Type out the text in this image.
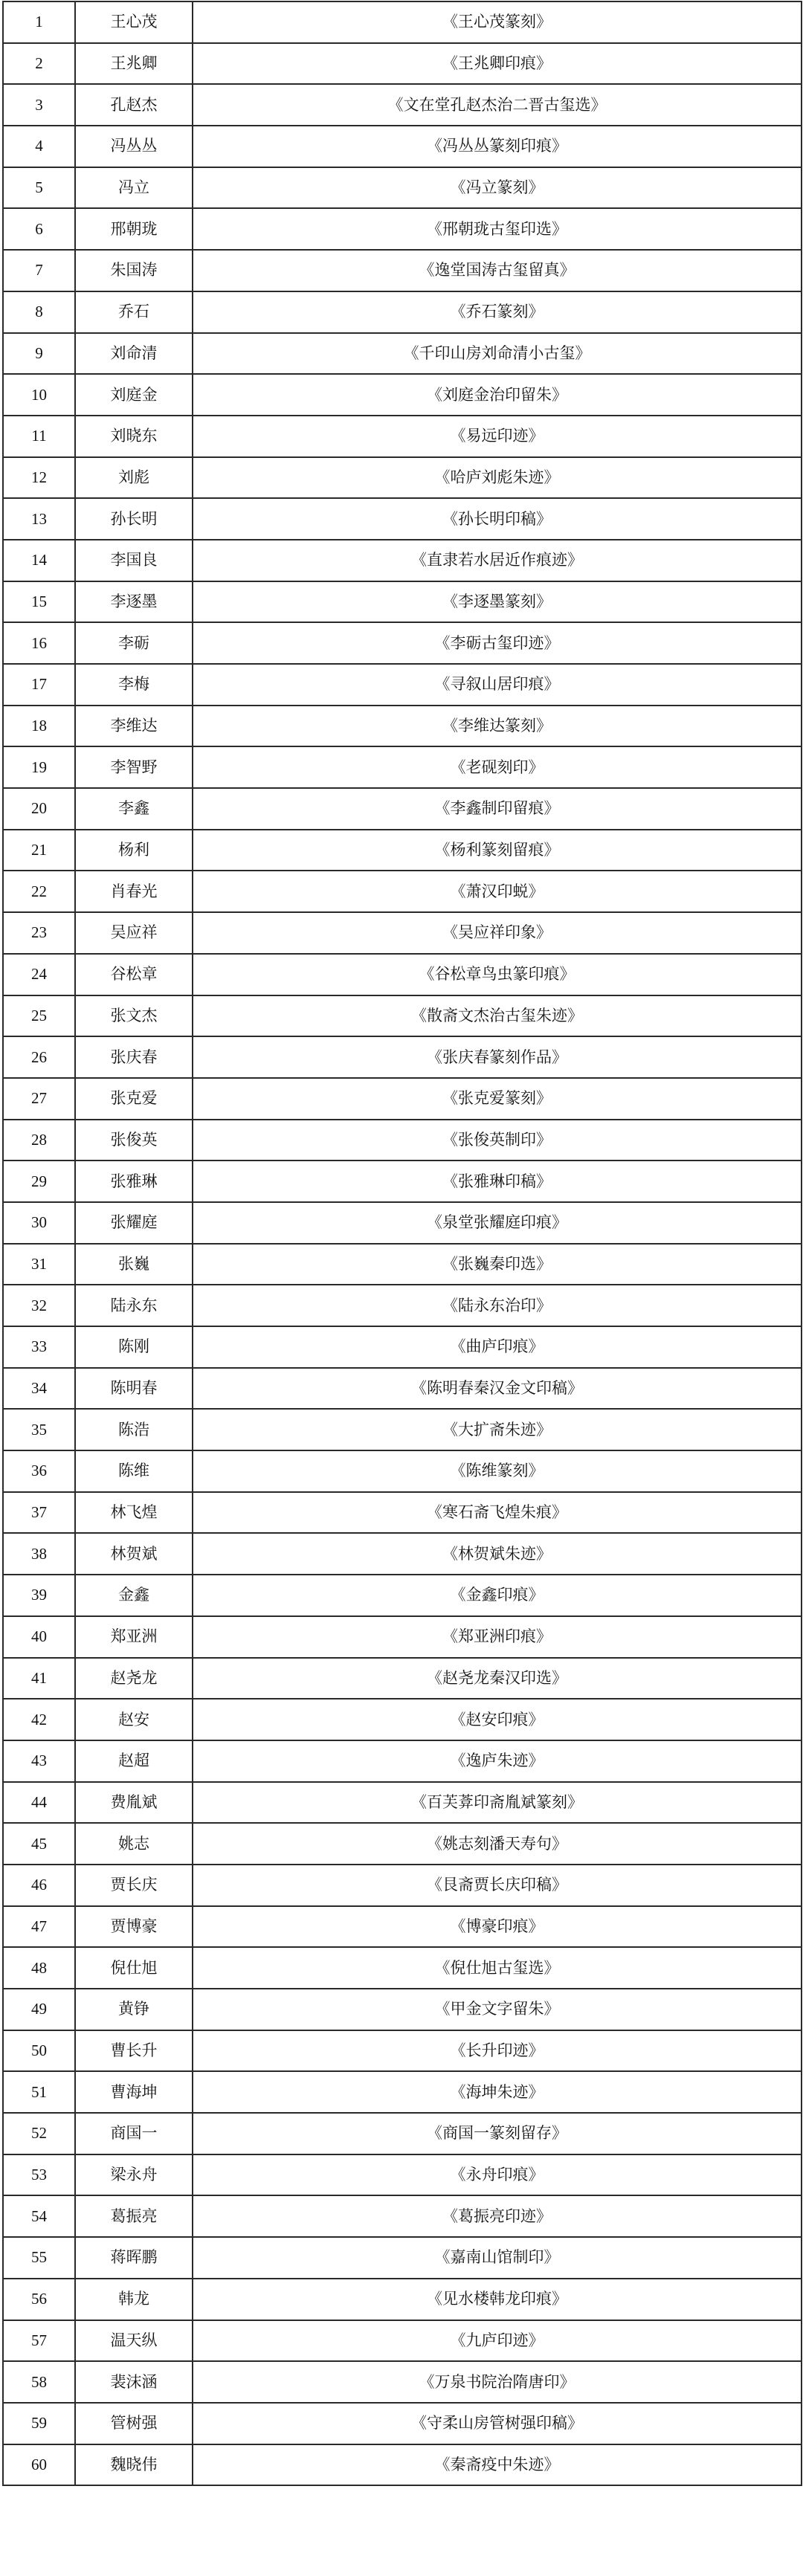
1	王心茂	《王心茂篆刻》
2	王兆卿	《王兆卿印痕》
3	孔赵杰	《文在堂孔赵杰治二晋古玺选》
4	冯丛丛	《冯丛丛篆刻印痕》
5	冯立	《冯立篆刻》
6	邢朝珑	《邢朝珑古玺印选》
7	朱国涛	《逸堂国涛古玺留真》
8	乔石	《乔石篆刻》
9	刘命清	《千印山房刘命清小古玺》
10	刘庭金	《刘庭金治印留朱》
11	刘晓东	《易远印迹》
12	刘彪	《哈庐刘彪朱迹》
13	孙长明	《孙长明印稿》
14	李国良	《直隶若水居近作痕迹》
15	李逐墨	《李逐墨篆刻》
16	李砺	《李砺古玺印迹》
17	李梅	《寻叙山居印痕》
18	李维达	《李维达篆刻》
19	李智野	《老砚刻印》
20	李鑫	《李鑫制印留痕》
21	杨利	《杨利篆刻留痕》
22	肖春光	《萧汉印蜕》
23	吴应祥	《吴应祥印象》
24	谷松章	《谷松章鸟虫篆印痕》
25	张文杰	《散斋文杰治古玺朱迹》
26	张庆春	《张庆春篆刻作品》
27	张克爱	《张克爱篆刻》
28	张俊英	《张俊英制印》
29	张雅琳	《张雅琳印稿》
30	张耀庭	《泉堂张耀庭印痕》
31	张巍	《张巍秦印选》
32	陆永东	《陆永东治印》
33	陈刚	《曲庐印痕》
34	陈明春	《陈明春秦汉金文印稿》
35	陈浩	《大扩斋朱迹》
36	陈维	《陈维篆刻》
37	林飞煌	《寒石斋飞煌朱痕》
38	林贺斌	《林贺斌朱迹》
39	金鑫	《金鑫印痕》
40	郑亚洲	《郑亚洲印痕》
41	赵尧龙	《赵尧龙秦汉印选》
42	赵安	《赵安印痕》
43	赵超	《逸庐朱迹》
44	费胤斌	《百芙葊印斋胤斌篆刻》
45	姚志	《姚志刻潘天寿句》
46	贾长庆	《艮斋贾长庆印稿》
47	贾博豪	《博豪印痕》
48	倪仕旭	《倪仕旭古玺选》
49	黄铮	《甲金文字留朱》
50	曹长升	《长升印迹》
51	曹海坤	《海坤朱迹》
52	商国一	《商国一篆刻留存》
53	梁永舟	《永舟印痕》
54	葛振亮	《葛振亮印迹》
55	蒋晖鹏	《嘉南山馆制印》
56	韩龙	《见水楼韩龙印痕》
57	温天纵	《九庐印迹》
58	裴沫涵	《万泉书院治隋唐印》
59	管树强	《守柔山房管树强印稿》
60	魏晓伟	《秦斋疫中朱迹》
